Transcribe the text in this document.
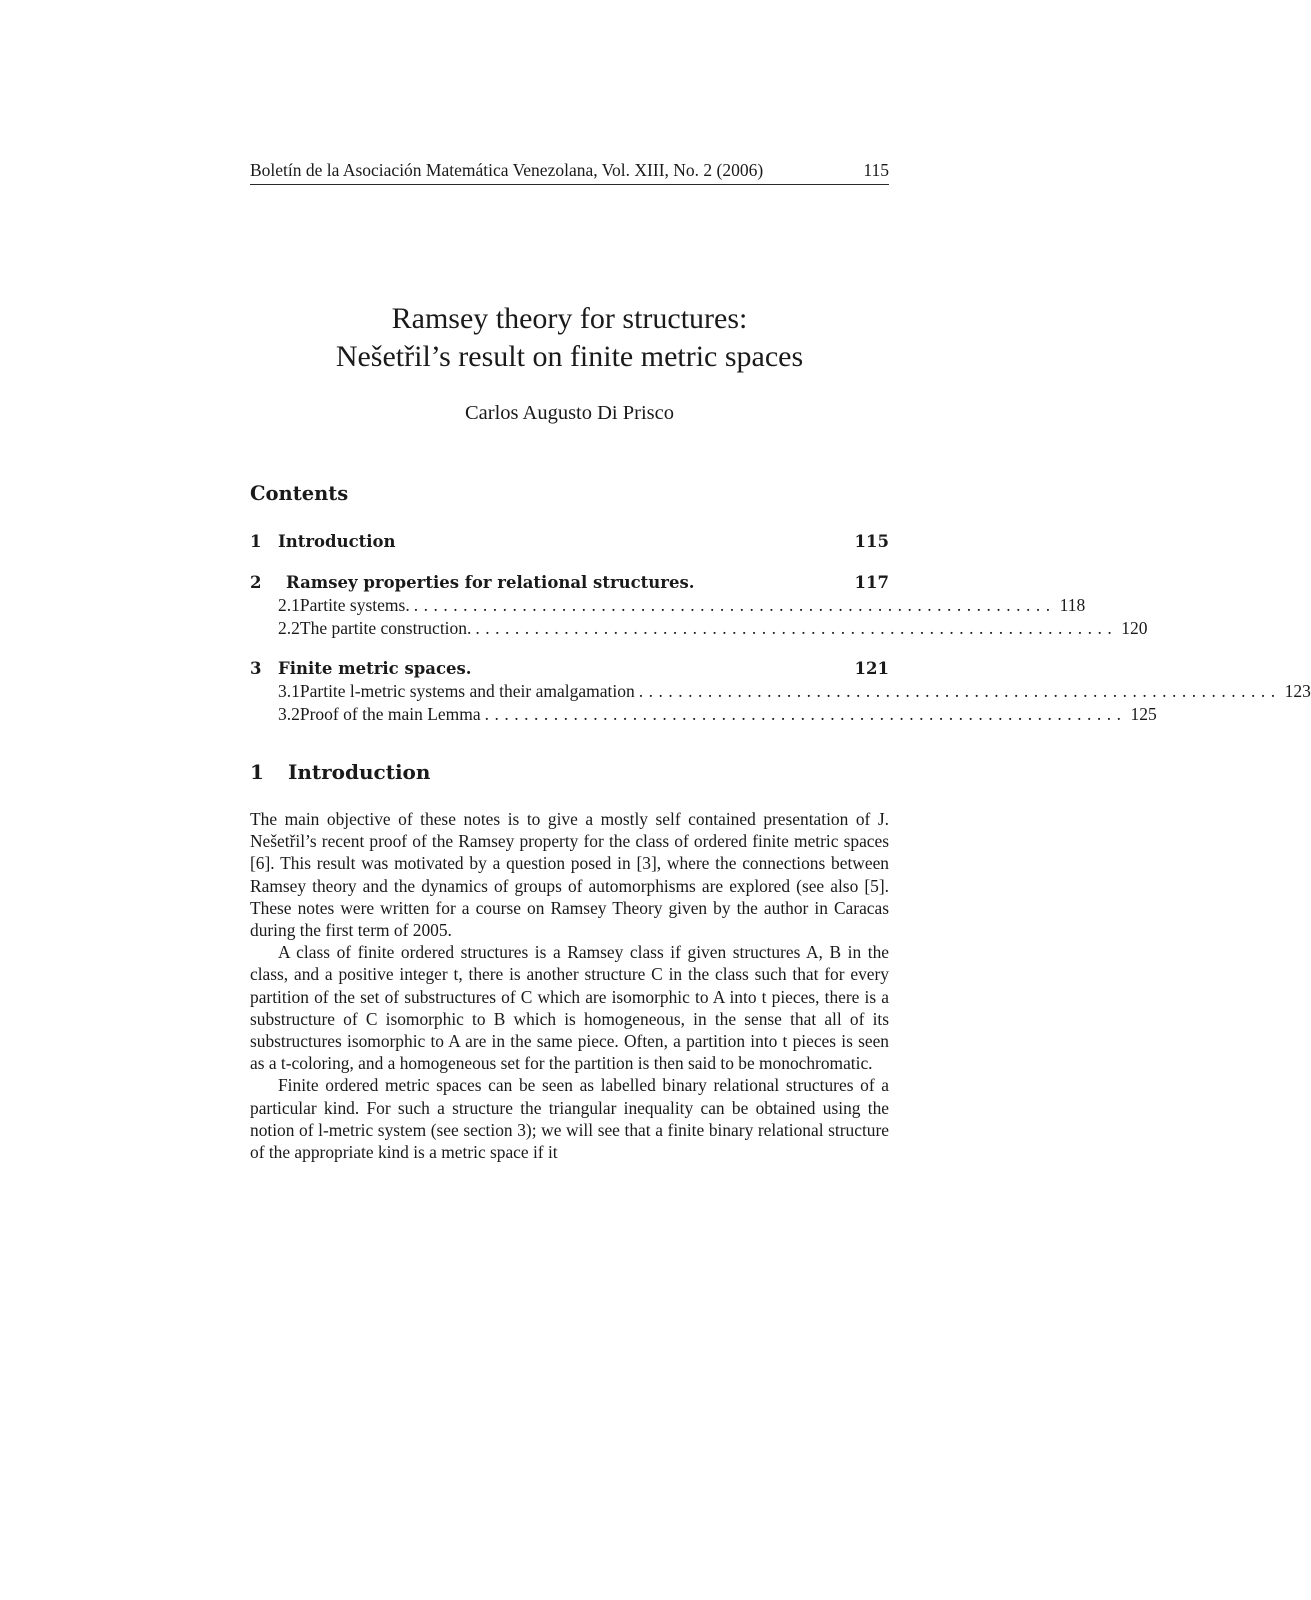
Boletín de la Asociación Matemática Venezolana, Vol. XIII, No. 2 (2006)	115
Ramsey theory for structures:
Nešetřil’s result on finite metric spaces
Carlos Augusto Di Prisco
Contents
1 Introduction	115
2 Ramsey properties for relational structures.	117
2.1 Partite systems. ................................................................. 118
2.2 The partite construction. ................................................................. 120
3 Finite metric spaces.	121
3.1 Partite l-metric systems and their amalgamation ................................................................. 123
3.2 Proof of the main Lemma ................................................................. 125
1 Introduction

The main objective of these notes is to give a mostly self contained presentation of J. Nešetřil’s recent proof of the Ramsey property for the class of ordered finite metric spaces [6]. This result was motivated by a question posed in [3], where the connections between Ramsey theory and the dynamics of groups of automorphisms are explored (see also [5]. These notes were written for a course on Ramsey Theory given by the author in Caracas during the first term of 2005.

A class of finite ordered structures is a Ramsey class if given structures A, B in the class, and a positive integer t, there is another structure C in the class such that for every partition of the set of substructures of C which are isomorphic to A into t pieces, there is a substructure of C isomorphic to B which is homogeneous, in the sense that all of its substructures isomorphic to A are in the same piece. Often, a partition into t pieces is seen as a t-coloring, and a homogeneous set for the partition is then said to be monochromatic.

Finite ordered metric spaces can be seen as labelled binary relational structures of a particular kind. For such a structure the triangular inequality can be obtained using the notion of l-metric system (see section 3); we will see that a finite binary relational structure of the appropriate kind is a metric space if it
